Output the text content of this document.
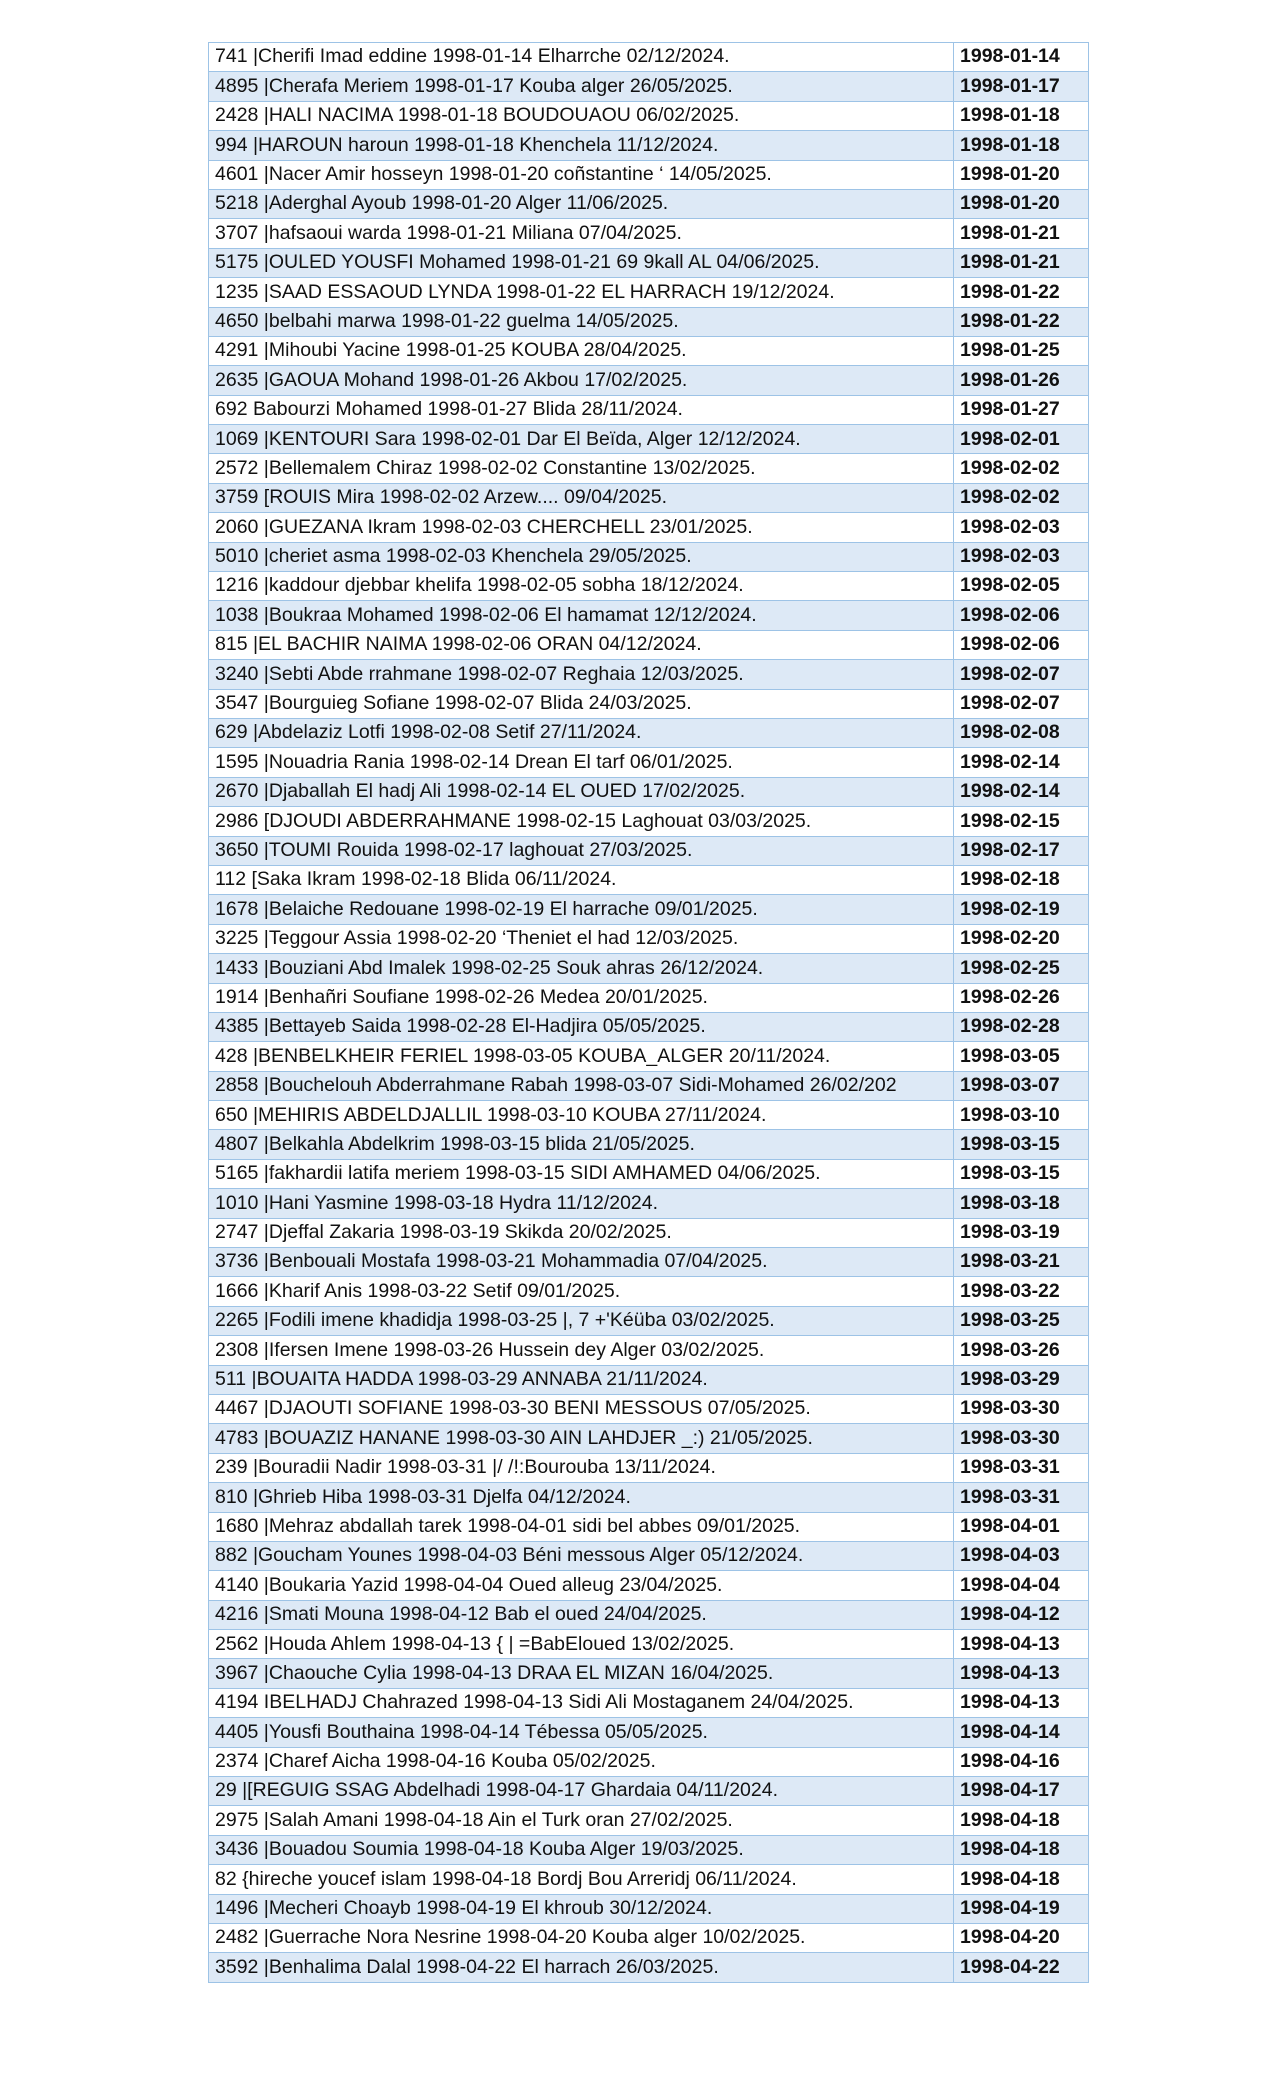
741 |Cherifi Imad eddine 1998-01-14 Elharrche 02/12/2024.	1998-01-14
4895 |Cherafa Meriem 1998-01-17 Kouba alger 26/05/2025.	1998-01-17
2428 |HALI NACIMA 1998-01-18 BOUDOUAOU 06/02/2025.	1998-01-18
994 |HAROUN haroun 1998-01-18 Khenchela 11/12/2024.	1998-01-18
4601 |Nacer Amir hosseyn 1998-01-20 coñstantine ‘ 14/05/2025.	1998-01-20
5218 |Aderghal Ayoub 1998-01-20 Alger 11/06/2025.	1998-01-20
3707 |hafsaoui warda 1998-01-21 Miliana 07/04/2025.	1998-01-21
5175 |OULED YOUSFI Mohamed 1998-01-21 69 9kall AL 04/06/2025.	1998-01-21
1235 |SAAD ESSAOUD LYNDA 1998-01-22 EL HARRACH 19/12/2024.	1998-01-22
4650 |belbahi marwa 1998-01-22 guelma 14/05/2025.	1998-01-22
4291 |Mihoubi Yacine 1998-01-25 KOUBA 28/04/2025.	1998-01-25
2635 |GAOUA Mohand 1998-01-26 Akbou 17/02/2025.	1998-01-26
692 Babourzi Mohamed 1998-01-27 Blida 28/11/2024.	1998-01-27
1069 |KENTOURI Sara 1998-02-01 Dar El Beïda, Alger 12/12/2024.	1998-02-01
2572 |Bellemalem Chiraz 1998-02-02 Constantine 13/02/2025.	1998-02-02
3759 [ROUIS Mira 1998-02-02 Arzew.... 09/04/2025.	1998-02-02
2060 |GUEZANA Ikram 1998-02-03 CHERCHELL 23/01/2025.	1998-02-03
5010 |cheriet asma 1998-02-03 Khenchela 29/05/2025.	1998-02-03
1216 |kaddour djebbar khelifa 1998-02-05 sobha 18/12/2024.	1998-02-05
1038 |Boukraa Mohamed 1998-02-06 El hamamat 12/12/2024.	1998-02-06
815 |EL BACHIR NAIMA 1998-02-06 ORAN 04/12/2024.	1998-02-06
3240 |Sebti Abde rrahmane 1998-02-07 Reghaia 12/03/2025.	1998-02-07
3547 |Bourguieg Sofiane 1998-02-07 Blida 24/03/2025.	1998-02-07
629 |Abdelaziz Lotfi 1998-02-08 Setif 27/11/2024.	1998-02-08
1595 |Nouadria Rania 1998-02-14 Drean El tarf 06/01/2025.	1998-02-14
2670 |Djaballah El hadj Ali 1998-02-14 EL OUED 17/02/2025.	1998-02-14
2986 [DJOUDI ABDERRAHMANE 1998-02-15 Laghouat 03/03/2025.	1998-02-15
3650 |TOUMI Rouida 1998-02-17 laghouat 27/03/2025.	1998-02-17
112 [Saka Ikram 1998-02-18 Blida 06/11/2024.	1998-02-18
1678 |Belaiche Redouane 1998-02-19 El harrache 09/01/2025.	1998-02-19
3225 |Teggour Assia 1998-02-20 ‘Theniet el had 12/03/2025.	1998-02-20
1433 |Bouziani Abd Imalek 1998-02-25 Souk ahras 26/12/2024.	1998-02-25
1914 |Benhañri Soufiane 1998-02-26 Medea 20/01/2025.	1998-02-26
4385 |Bettayeb Saida 1998-02-28 El-Hadjira 05/05/2025.	1998-02-28
428 |BENBELKHEIR FERIEL 1998-03-05 KOUBA_ALGER 20/11/2024.	1998-03-05
2858 |Bouchelouh Abderrahmane Rabah 1998-03-07 Sidi-Mohamed 26/02/202	1998-03-07
650 |MEHIRIS ABDELDJALLIL 1998-03-10 KOUBA 27/11/2024.	1998-03-10
4807 |Belkahla Abdelkrim 1998-03-15 blida 21/05/2025.	1998-03-15
5165 |fakhardii latifa meriem 1998-03-15 SIDI AMHAMED 04/06/2025.	1998-03-15
1010 |Hani Yasmine 1998-03-18 Hydra 11/12/2024.	1998-03-18
2747 |Djeffal Zakaria 1998-03-19 Skikda 20/02/2025.	1998-03-19
3736 |Benbouali Mostafa 1998-03-21 Mohammadia 07/04/2025.	1998-03-21
1666 |Kharif Anis 1998-03-22 Setif 09/01/2025.	1998-03-22
2265 |Fodili imene khadidja 1998-03-25 |, 7 +'Kéüba 03/02/2025.	1998-03-25
2308 |Ifersen Imene 1998-03-26 Hussein dey Alger 03/02/2025.	1998-03-26
511 |BOUAITA HADDA 1998-03-29 ANNABA 21/11/2024.	1998-03-29
4467 |DJAOUTI SOFIANE 1998-03-30 BENI MESSOUS 07/05/2025.	1998-03-30
4783 |BOUAZIZ HANANE 1998-03-30 AIN LAHDJER _:) 21/05/2025.	1998-03-30
239 |Bouradii Nadir 1998-03-31 |/ /!:Bourouba 13/11/2024.	1998-03-31
810 |Ghrieb Hiba 1998-03-31 Djelfa 04/12/2024.	1998-03-31
1680 |Mehraz abdallah tarek 1998-04-01 sidi bel abbes 09/01/2025.	1998-04-01
882 |Goucham Younes 1998-04-03 Béni messous Alger 05/12/2024.	1998-04-03
4140 |Boukaria Yazid 1998-04-04 Oued alleug 23/04/2025.	1998-04-04
4216 |Smati Mouna 1998-04-12 Bab el oued 24/04/2025.	1998-04-12
2562 |Houda Ahlem 1998-04-13 { | =BabEloued 13/02/2025.	1998-04-13
3967 |Chaouche Cylia 1998-04-13 DRAA EL MIZAN 16/04/2025.	1998-04-13
4194 IBELHADJ Chahrazed 1998-04-13 Sidi Ali Mostaganem 24/04/2025.	1998-04-13
4405 |Yousfi Bouthaina 1998-04-14 Tébessa 05/05/2025.	1998-04-14
2374 |Charef Aicha 1998-04-16 Kouba 05/02/2025.	1998-04-16
29 |[REGUIG SSAG Abdelhadi 1998-04-17 Ghardaia 04/11/2024.	1998-04-17
2975 |Salah Amani 1998-04-18 Ain el Turk oran 27/02/2025.	1998-04-18
3436 |Bouadou Soumia 1998-04-18 Kouba Alger 19/03/2025.	1998-04-18
82 {hireche youcef islam 1998-04-18 Bordj Bou Arreridj 06/11/2024.	1998-04-18
1496 |Mecheri Choayb 1998-04-19 El khroub 30/12/2024.	1998-04-19
2482 |Guerrache Nora Nesrine 1998-04-20 Kouba alger 10/02/2025.	1998-04-20
3592 |Benhalima Dalal 1998-04-22 El harrach 26/03/2025.	1998-04-22
